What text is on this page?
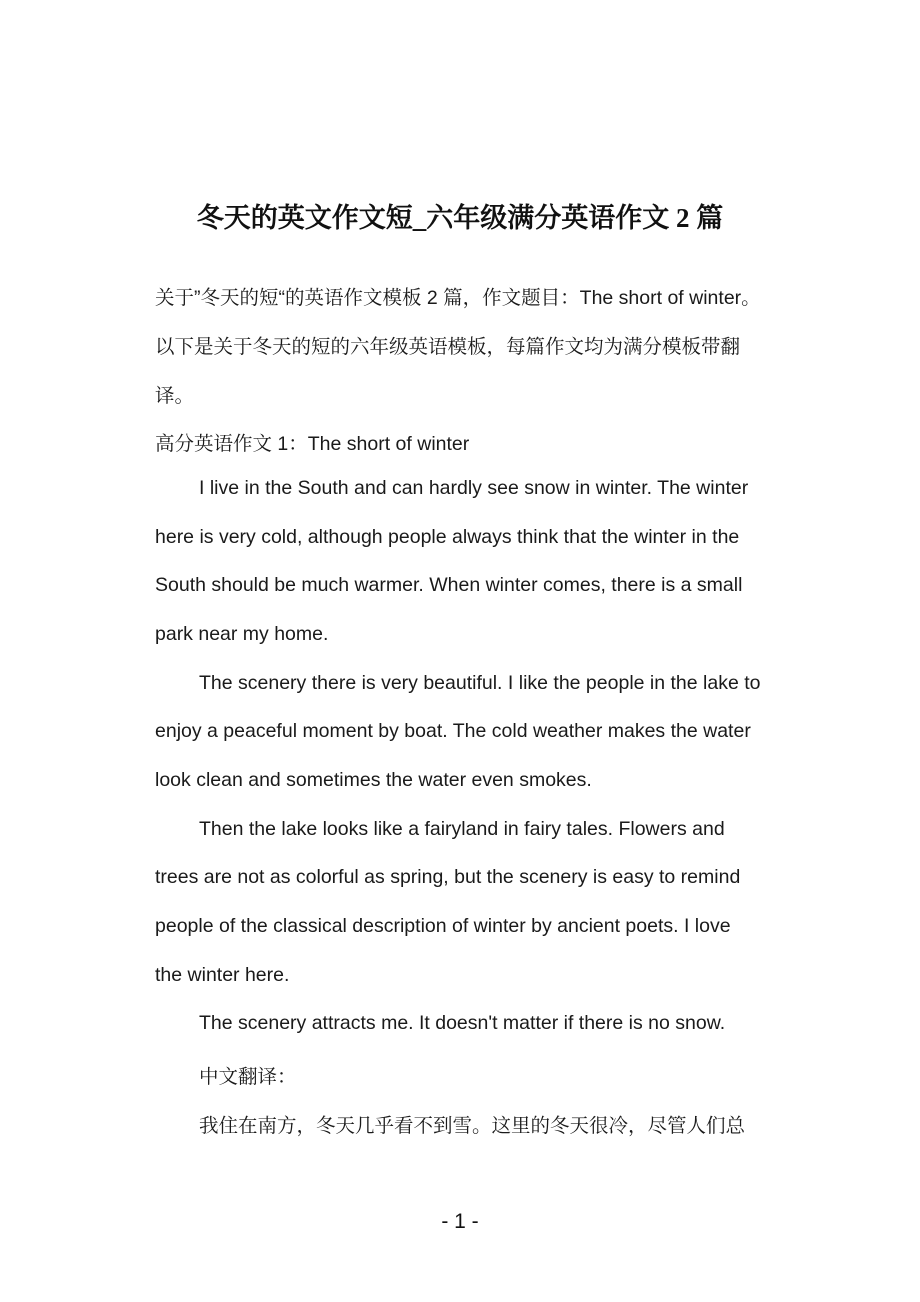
冬天的英文作文短_六年级满分英语作文 2 篇
关于”冬天的短“的英语作文模板 2 篇，作文题目：The short of winter。
以下是关于冬天的短的六年级英语模板，每篇作文均为满分模板带翻
译。
高分英语作文 1：The short of winter
I live in the South and can hardly see snow in winter. The winter
here is very cold, although people always think that the winter in the
South should be much warmer. When winter comes, there is a small
park near my home.
The scenery there is very beautiful. I like the people in the lake to
enjoy a peaceful moment by boat. The cold weather makes the water
look clean and sometimes the water even smokes.
Then the lake looks like a fairyland in fairy tales. Flowers and
trees are not as colorful as spring, but the scenery is easy to remind
people of the classical description of winter by ancient poets. I love
the winter here.
The scenery attracts me. It doesn't matter if there is no snow.
中文翻译：
我住在南方，冬天几乎看不到雪。这里的冬天很冷，尽管人们总
- 1 -
